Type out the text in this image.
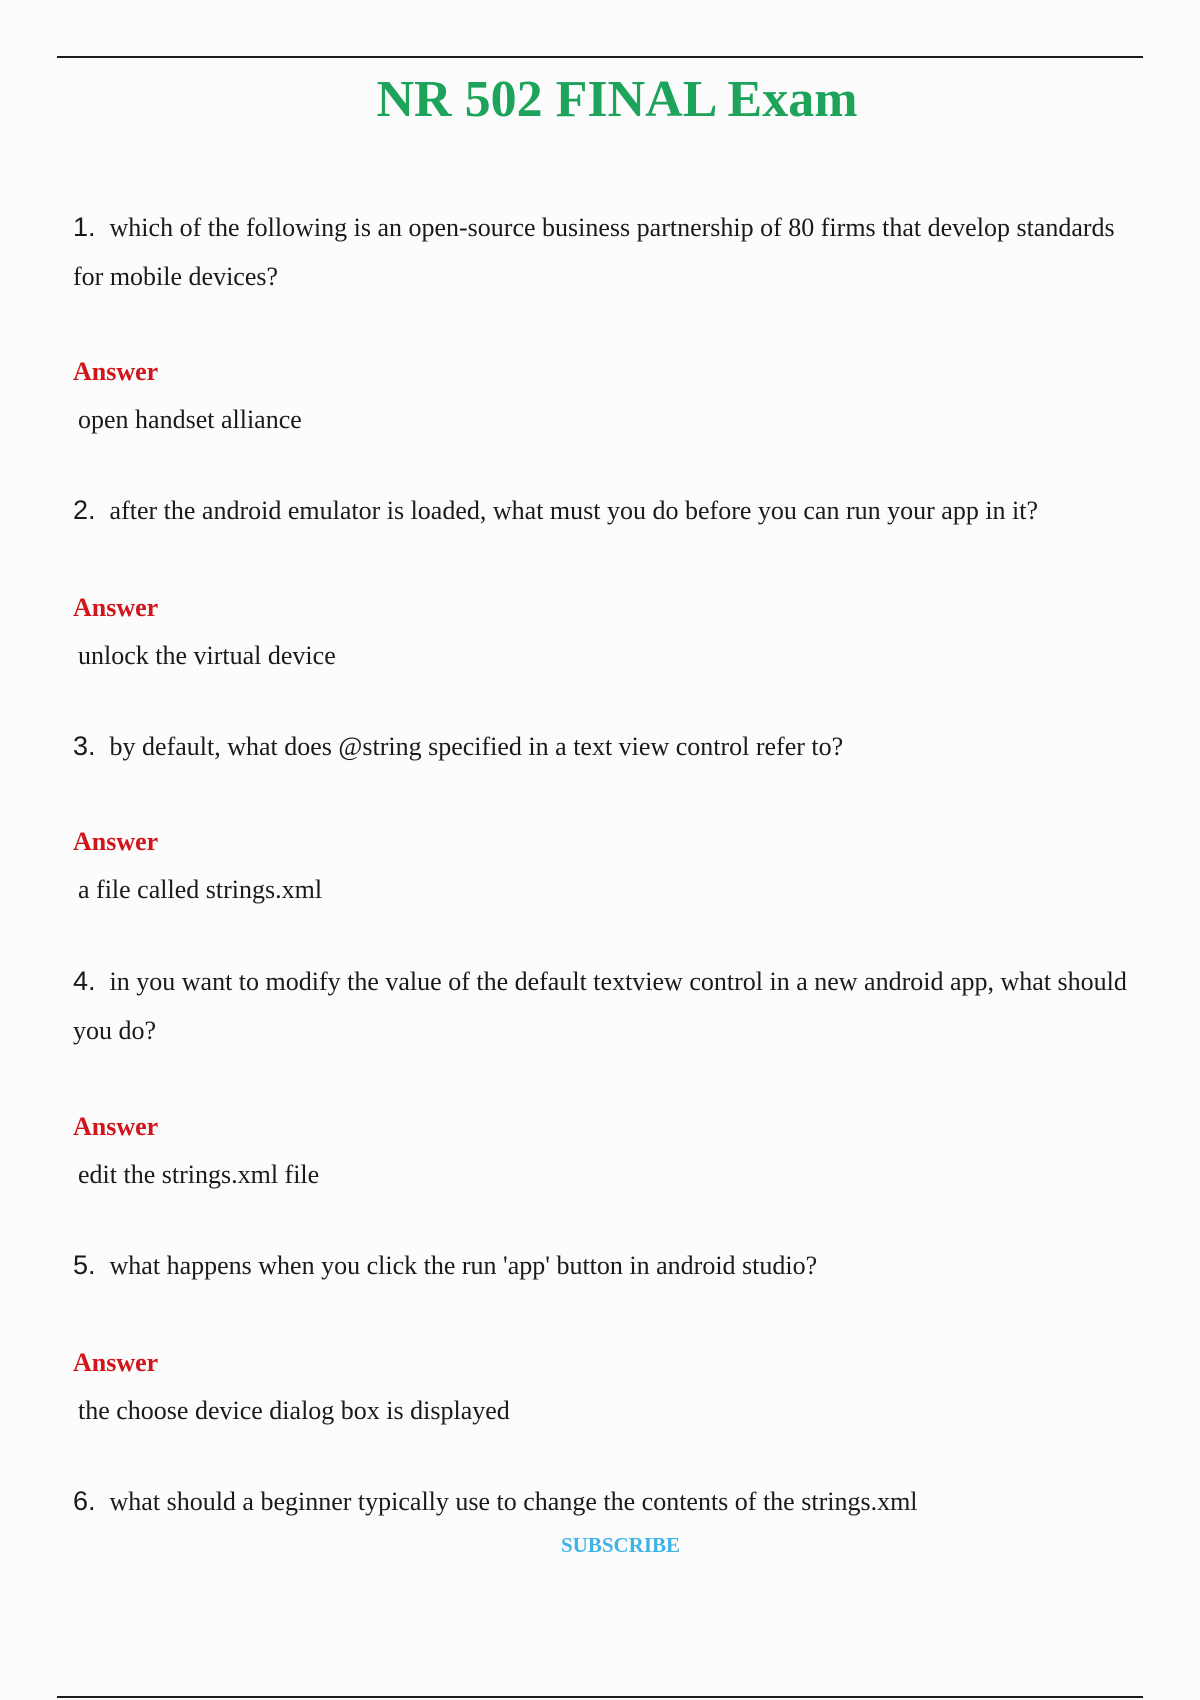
NR 502 FINAL Exam
1. which of the following is an open-source business partnership of 80 firms that develop standards for mobile devices?
Answer
open handset alliance
2. after the android emulator is loaded, what must you do before you can run your app in it?
Answer
unlock the virtual device
3. by default, what does @string specified in a text view control refer to?
Answer
a file called strings.xml
4. in you want to modify the value of the default textview control in a new android app, what should you do?
Answer
edit the strings.xml file
5. what happens when you click the run 'app' button in android studio?
Answer
the choose device dialog box is displayed
6. what should a beginner typically use to change the contents of the strings.xml
SUBSCRIBE
